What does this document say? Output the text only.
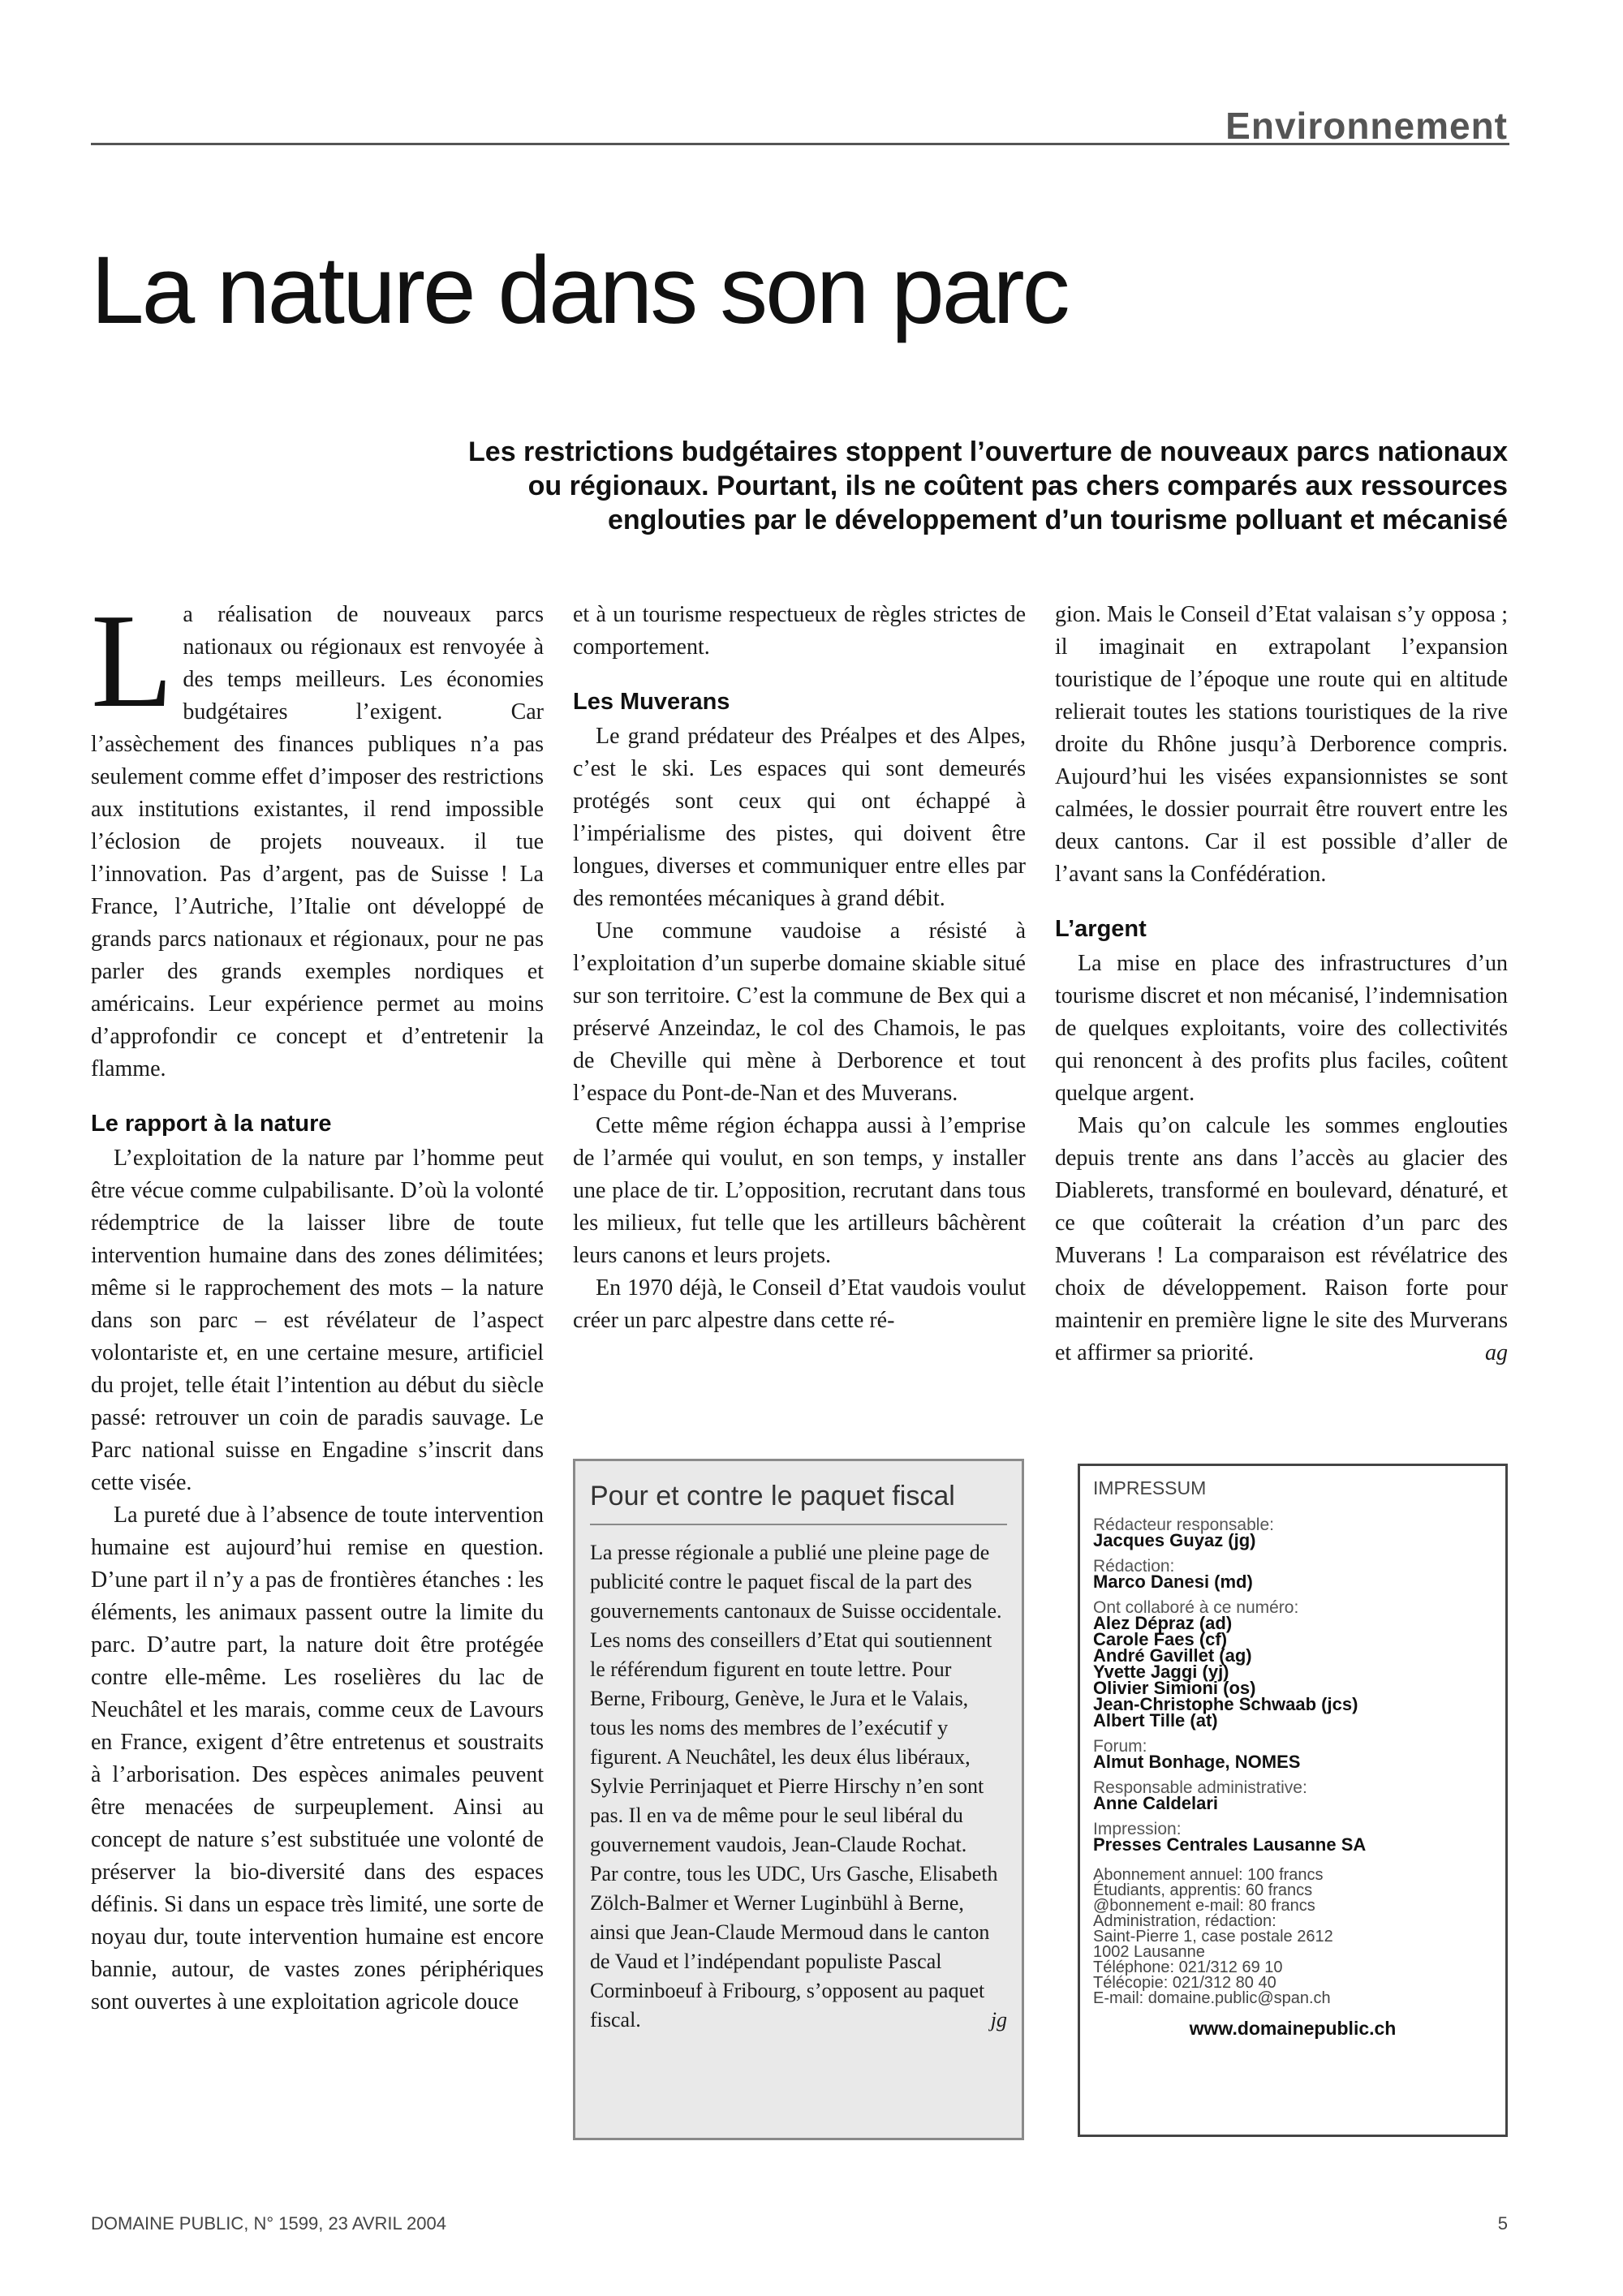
Environnement
La nature dans son parc
Les restrictions budgétaires stoppent l’ouverture de nouveaux parcs nationaux
ou régionaux. Pourtant, ils ne coûtent pas chers comparés aux ressources
englouties par le développement d’un tourisme polluant et mécanisé

La réalisation de nouveaux parcs nationaux ou régionaux est renvoyée à des temps meilleurs. Les économies budgétaires l’exigent. Car l’assèchement des finances publiques n’a pas seulement comme effet d’imposer des restrictions aux institutions existantes, il rend impossible l’éclosion de projets nouveaux. il tue l’innovation. Pas d’argent, pas de Suisse ! La France, l’Autriche, l’Italie ont développé de grands parcs nationaux et régionaux, pour ne pas parler des grands exemples nordiques et américains. Leur expérience permet au moins d’approfondir ce concept et d’entretenir la flamme.

Le rapport à la nature

L’exploitation de la nature par l’homme peut être vécue comme culpabilisante. D’où la volonté rédemptrice de la laisser libre de toute intervention humaine dans des zones délimitées; même si le rapprochement des mots – la nature dans son parc – est révélateur de l’aspect volontariste et, en une certaine mesure, artificiel du projet, telle était l’intention au début du siècle passé: retrouver un coin de paradis sauvage. Le Parc national suisse en Engadine s’inscrit dans cette visée.

La pureté due à l’absence de toute intervention humaine est aujourd’hui remise en question. D’une part il n’y a pas de frontières étanches : les éléments, les animaux passent outre la limite du parc. D’autre part, la nature doit être protégée contre elle-même. Les roselières du lac de Neuchâtel et les marais, comme ceux de Lavours en France, exigent d’être entretenus et soustraits à l’arborisation. Des espèces animales peuvent être menacées de surpeuplement. Ainsi au concept de nature s’est substituée une volonté de préserver la bio-diversité dans des espaces définis. Si dans un espace très limité, une sorte de noyau dur, toute intervention humaine est encore bannie, autour, de vastes zones périphériques sont ouvertes à une exploitation agricole douce

et à un tourisme respectueux de règles strictes de comportement.

Les Muverans

Le grand prédateur des Préalpes et des Alpes, c’est le ski. Les espaces qui sont demeurés protégés sont ceux qui ont échappé à l’impérialisme des pistes, qui doivent être longues, diverses et communiquer entre elles par des remontées mécaniques à grand débit.

Une commune vaudoise a résisté à l’exploitation d’un superbe domaine skiable situé sur son territoire. C’est la commune de Bex qui a préservé Anzeindaz, le col des Chamois, le pas de Cheville qui mène à Derborence et tout l’espace du Pont-de-Nan et des Muverans.

Cette même région échappa aussi à l’emprise de l’armée qui voulut, en son temps, y installer une place de tir. L’opposition, recrutant dans tous les milieux, fut telle que les artilleurs bâchèrent leurs canons et leurs projets.

En 1970 déjà, le Conseil d’Etat vaudois voulut créer un parc alpestre dans cette ré-

gion. Mais le Conseil d’Etat valaisan s’y opposa ; il imaginait en extrapolant l’expansion touristique de l’époque une route qui en altitude relierait toutes les stations touristiques de la rive droite du Rhône jusqu’à Derborence compris. Aujourd’hui les visées expansionnistes se sont calmées, le dossier pourrait être rouvert entre les deux cantons. Car il est possible d’aller de l’avant sans la Confédération.

L’argent

La mise en place des infrastructures d’un tourisme discret et non mécanisé, l’indemnisation de quelques exploitants, voire des collectivités qui renoncent à des profits plus faciles, coûtent quelque argent.

Mais qu’on calcule les sommes englouties depuis trente ans dans l’accès au glacier des Diablerets, transformé en boulevard, dénaturé, et ce que coûterait la création d’un parc des Muverans ! La comparaison est révélatrice des choix de développement. Raison forte pour maintenir en première ligne le site des Murverans et affirmer sa priorité.	ag

Pour et contre le paquet fiscal

La presse régionale a publié une pleine page de publicité contre le paquet fiscal de la part des gouvernements cantonaux de Suisse occidentale. Les noms des conseillers d’Etat qui soutiennent le référendum figurent en toute lettre. Pour Berne, Fribourg, Genève, le Jura et le Valais, tous les noms des membres de l’exécutif y figurent. A Neuchâtel, les deux élus libéraux, Sylvie Perrinjaquet et Pierre Hirschy n’en sont pas. Il en va de même pour le seul libéral du gouvernement vaudois, Jean-Claude Rochat.

Par contre, tous les UDC, Urs Gasche, Elisabeth Zölch-Balmer et Werner Luginbühl à Berne, ainsi que Jean-Claude Mermoud dans le canton de Vaud et l’indépendant populiste Pascal Corminboeuf à Fribourg, s’opposent au paquet fiscal.	jg

IMPRESSUM
Rédacteur responsable:
Jacques Guyaz (jg)
Rédaction:
Marco Danesi (md)
Ont collaboré à ce numéro:
Alez Dépraz (ad)
Carole Faes (cf)
André Gavillet (ag)
Yvette Jaggi (yj)
Olivier Simioni (os)
Jean-Christophe Schwaab (jcs)
Albert Tille (at)
Forum:
Almut Bonhage, NOMES
Responsable administrative:
Anne Caldelari
Impression:
Presses Centrales Lausanne SA
Abonnement annuel: 100 francs
Étudiants, apprentis: 60 francs
@bonnement e-mail: 80 francs
Administration, rédaction:
Saint-Pierre 1, case postale 2612
1002 Lausanne
Téléphone: 021/312 69 10
Télécopie: 021/312 80 40
E-mail: domaine.public@span.ch
www.domainepublic.ch
DOMAINE PUBLIC, N° 1599, 23 AVRIL 2004	5
